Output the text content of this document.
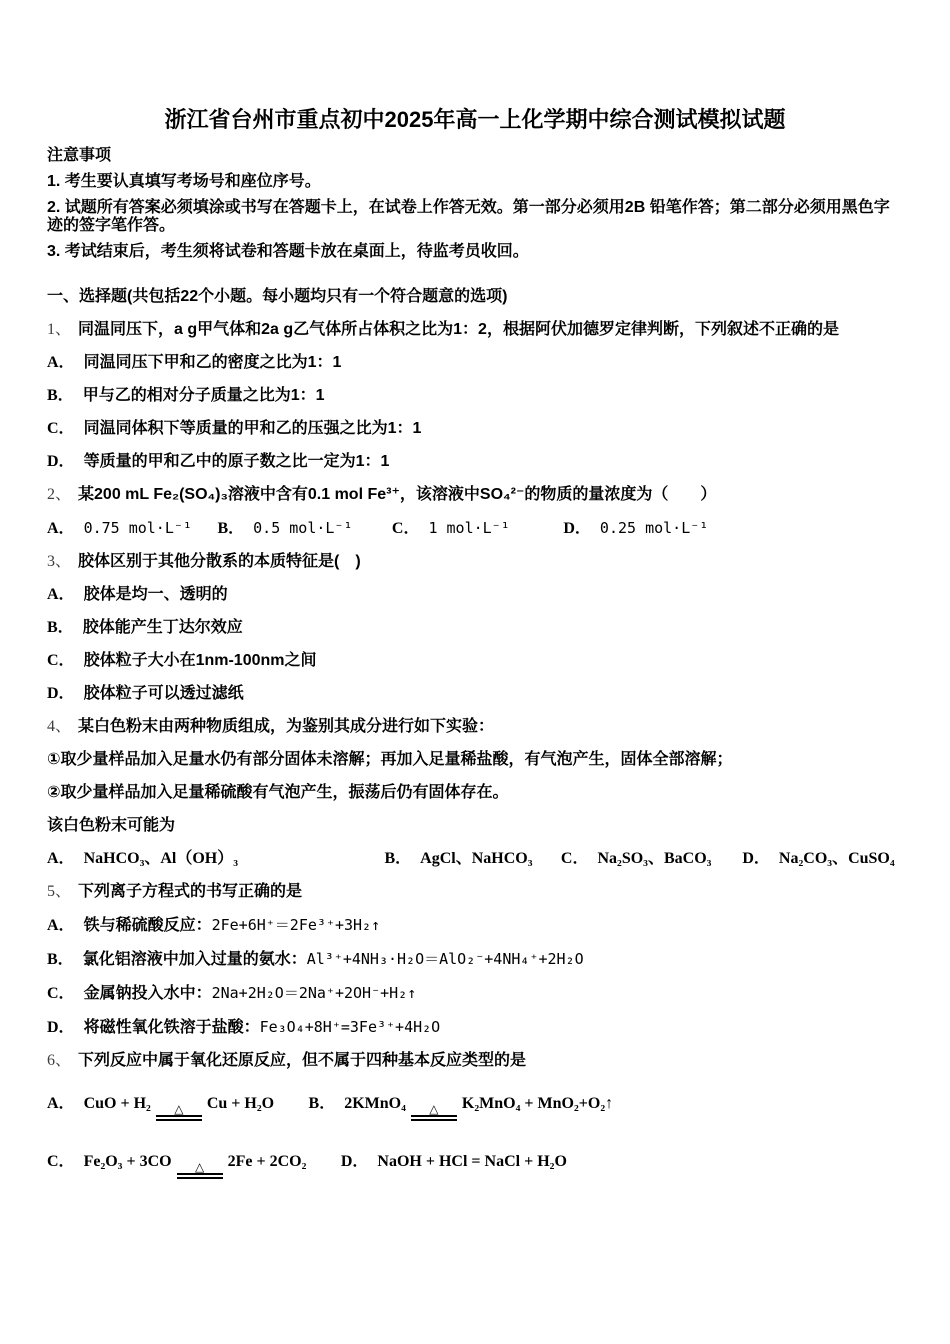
浙江省台州市重点初中2025年高一上化学期中综合测试模拟试题
注意事项
1. 考生要认真填写考场号和座位序号。
2. 试题所有答案必须填涂或书写在答题卡上，在试卷上作答无效。第一部分必须用2B 铅笔作答；第二部分必须用黑色字迹的签字笔作答。
3. 考试结束后，考生须将试卷和答题卡放在桌面上，待监考员收回。
一、选择题(共包括22个小题。每小题均只有一个符合题意的选项)
1、 同温同压下，a g甲气体和2a g乙气体所占体积之比为1：2，根据阿伏加德罗定律判断，下列叙述不正确的是
A． 同温同压下甲和乙的密度之比为1：1
B． 甲与乙的相对分子质量之比为1：1
C． 同温同体积下等质量的甲和乙的压强之比为1：1
D． 等质量的甲和乙中的原子数之比一定为1：1
2、 某200 mL Fe₂(SO₄)₃溶液中含有0.1 mol Fe³⁺，该溶液中SO₄²⁻的物质的量浓度为（　　）
A． 0.75 mol·L⁻¹ B． 0.5 mol·L⁻¹ C． 1 mol·L⁻¹	D． 0.25 mol·L⁻¹
3、 胶体区别于其他分散系的本质特征是(　)
A． 胶体是均一、透明的
B． 胶体能产生丁达尔效应
C． 胶体粒子大小在1nm-100nm之间
D． 胶体粒子可以透过滤纸
4、 某白色粉末由两种物质组成，为鉴别其成分进行如下实验：
①取少量样品加入足量水仍有部分固体未溶解；再加入足量稀盐酸，有气泡产生，固体全部溶解；
②取少量样品加入足量稀硫酸有气泡产生，振荡后仍有固体存在。
该白色粉末可能为
A． NaHCO₃、Al（OH）₃	B． AgCl、NaHCO₃ C． Na₂SO₃、BaCO₃ D． Na₂CO₃、CuSO₄
5、 下列离子方程式的书写正确的是
A． 铁与稀硫酸反应：2Fe+6H⁺＝2Fe³⁺+3H₂↑
B． 氯化铝溶液中加入过量的氨水：Al³⁺+4NH₃·H₂O＝AlO₂⁻+4NH₄⁺+2H₂O
C． 金属钠投入水中：2Na+2H₂O＝2Na⁺+2OH⁻+H₂↑
D． 将磁性氧化铁溶于盐酸：Fe₃O₄+8H⁺=3Fe³⁺+4H₂O
6、 下列反应中属于氧化还原反应，但不属于四种基本反应类型的是
A． CuO + H₂	△	Cu + H₂O B． 2KMnO₄	△	K₂MnO₄ + MnO₂+O₂↑
C． Fe₂O₃ + 3CO	△	2Fe + 2CO₂ D． NaOH + HCl = NaCl + H₂O
